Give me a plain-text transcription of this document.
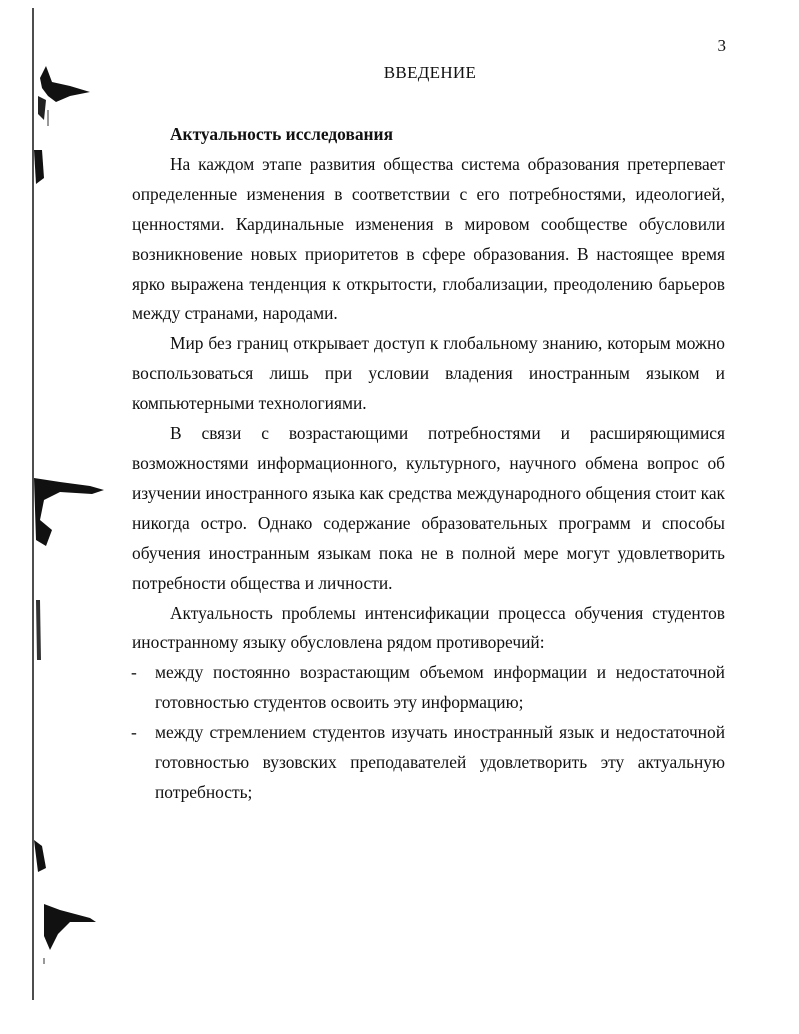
3
ВВЕДЕНИЕ

Актуальность исследования

На каждом этапе развития общества система образования претерпевает определенные изменения в соответствии с его потребностями, идеологией, ценностями. Кардинальные изменения в мировом сообществе обусловили возникновение новых приоритетов в сфере образования. В настоящее время ярко выражена тенденция к открытости, глобализации, преодолению барьеров между странами, народами.

Мир без границ открывает доступ к глобальному знанию, которым можно воспользоваться лишь при условии владения иностранным языком и компьютерными технологиями.

В связи с возрастающими потребностями и расширяющимися возможностями информационного, культурного, научного обмена вопрос об изучении иностранного языка как средства международного общения стоит как никогда остро. Однако содержание образовательных программ и способы обучения иностранным языкам пока не в полной мере могут удовлетворить потребности общества и личности.

Актуальность проблемы интенсификации процесса обучения студентов иностранному языку обусловлена рядом противоречий:

- между постоянно возрастающим объемом информации и недостаточной готовностью студентов освоить эту информацию;
- между стремлением студентов изучать иностранный язык и недостаточной готовностью вузовских преподавателей удовлетворить эту актуальную потребность;
